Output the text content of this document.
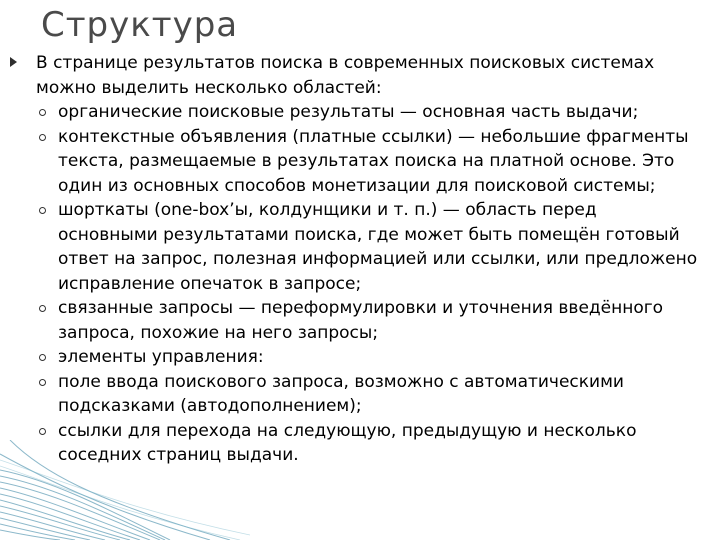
Структура
В странице результатов поиска в современных поисковых системах можно выделить несколько областей:
органические поисковые результаты — основная часть выдачи;
контекстные объявления (платные ссылки) — небольшие фрагменты текста, размещаемые в результатах поиска на платной основе. Это один из основных способов монетизации для поисковой системы;
шорткаты (one-box’ы, колдунщики и т. п.) — область перед основными результатами поиска, где может быть помещён готовый ответ на запрос, полезная информацией или ссылки, или предложено исправление опечаток в запросе;
связанные запросы — переформулировки и уточнения введённого запроса, похожие на него запросы;
элементы управления:
поле ввода поискового запроса, возможно с автоматическими подсказками (автодополнением);
ссылки для перехода на следующую, предыдущую и несколько соседних страниц выдачи.
